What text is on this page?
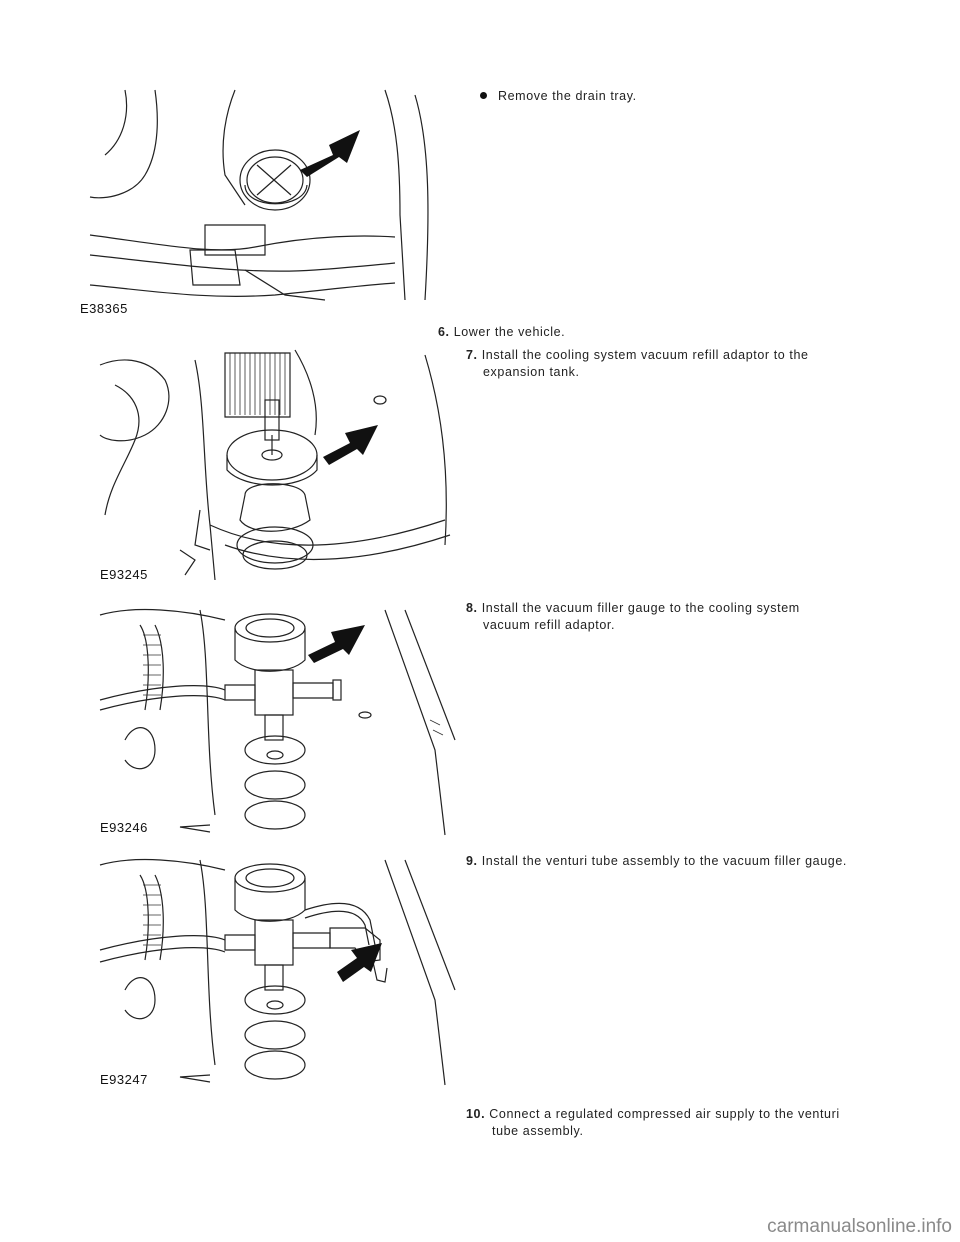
E38365
Remove the drain tray.
6. Lower the vehicle.
E93245
7. Install the cooling system vacuum refill adaptor to the
expansion tank.
E93246
8. Install the vacuum filler gauge to the cooling system
vacuum refill adaptor.
E93247
9. Install the venturi tube assembly to the vacuum filler gauge.
10. Connect a regulated compressed air supply to the venturi
tube assembly.
carmanualsonline.info
